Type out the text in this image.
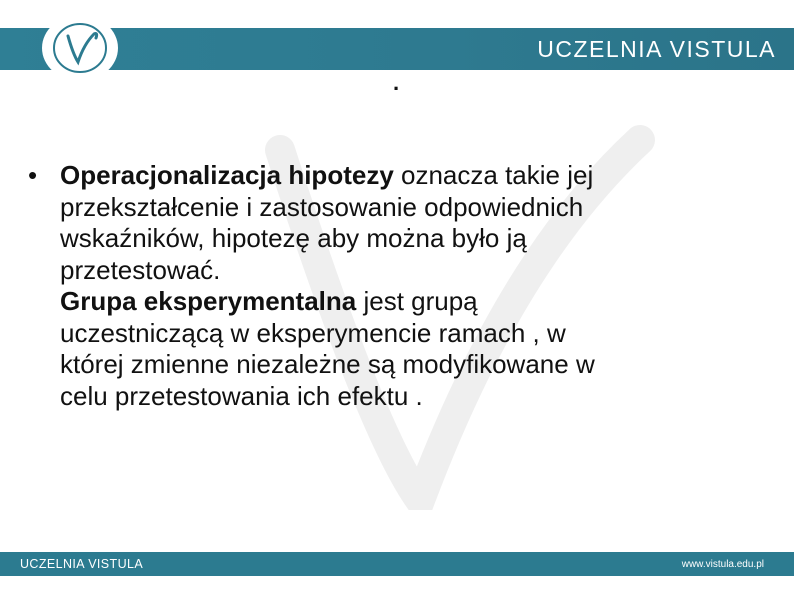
UCZELNIA VISTULA
.
• Operacjonalizacja hipotezy oznacza takie jej
przekształcenie i zastosowanie odpowiednich
wskaźników, hipotezę aby można było ją
przetestować.
Grupa eksperymentalna jest grupą
uczestniczącą w eksperymencie ramach , w
której zmienne niezależne są modyfikowane w
celu przetestowania ich efektu .
UCZELNIA VISTULA	www.vistula.edu.pl
